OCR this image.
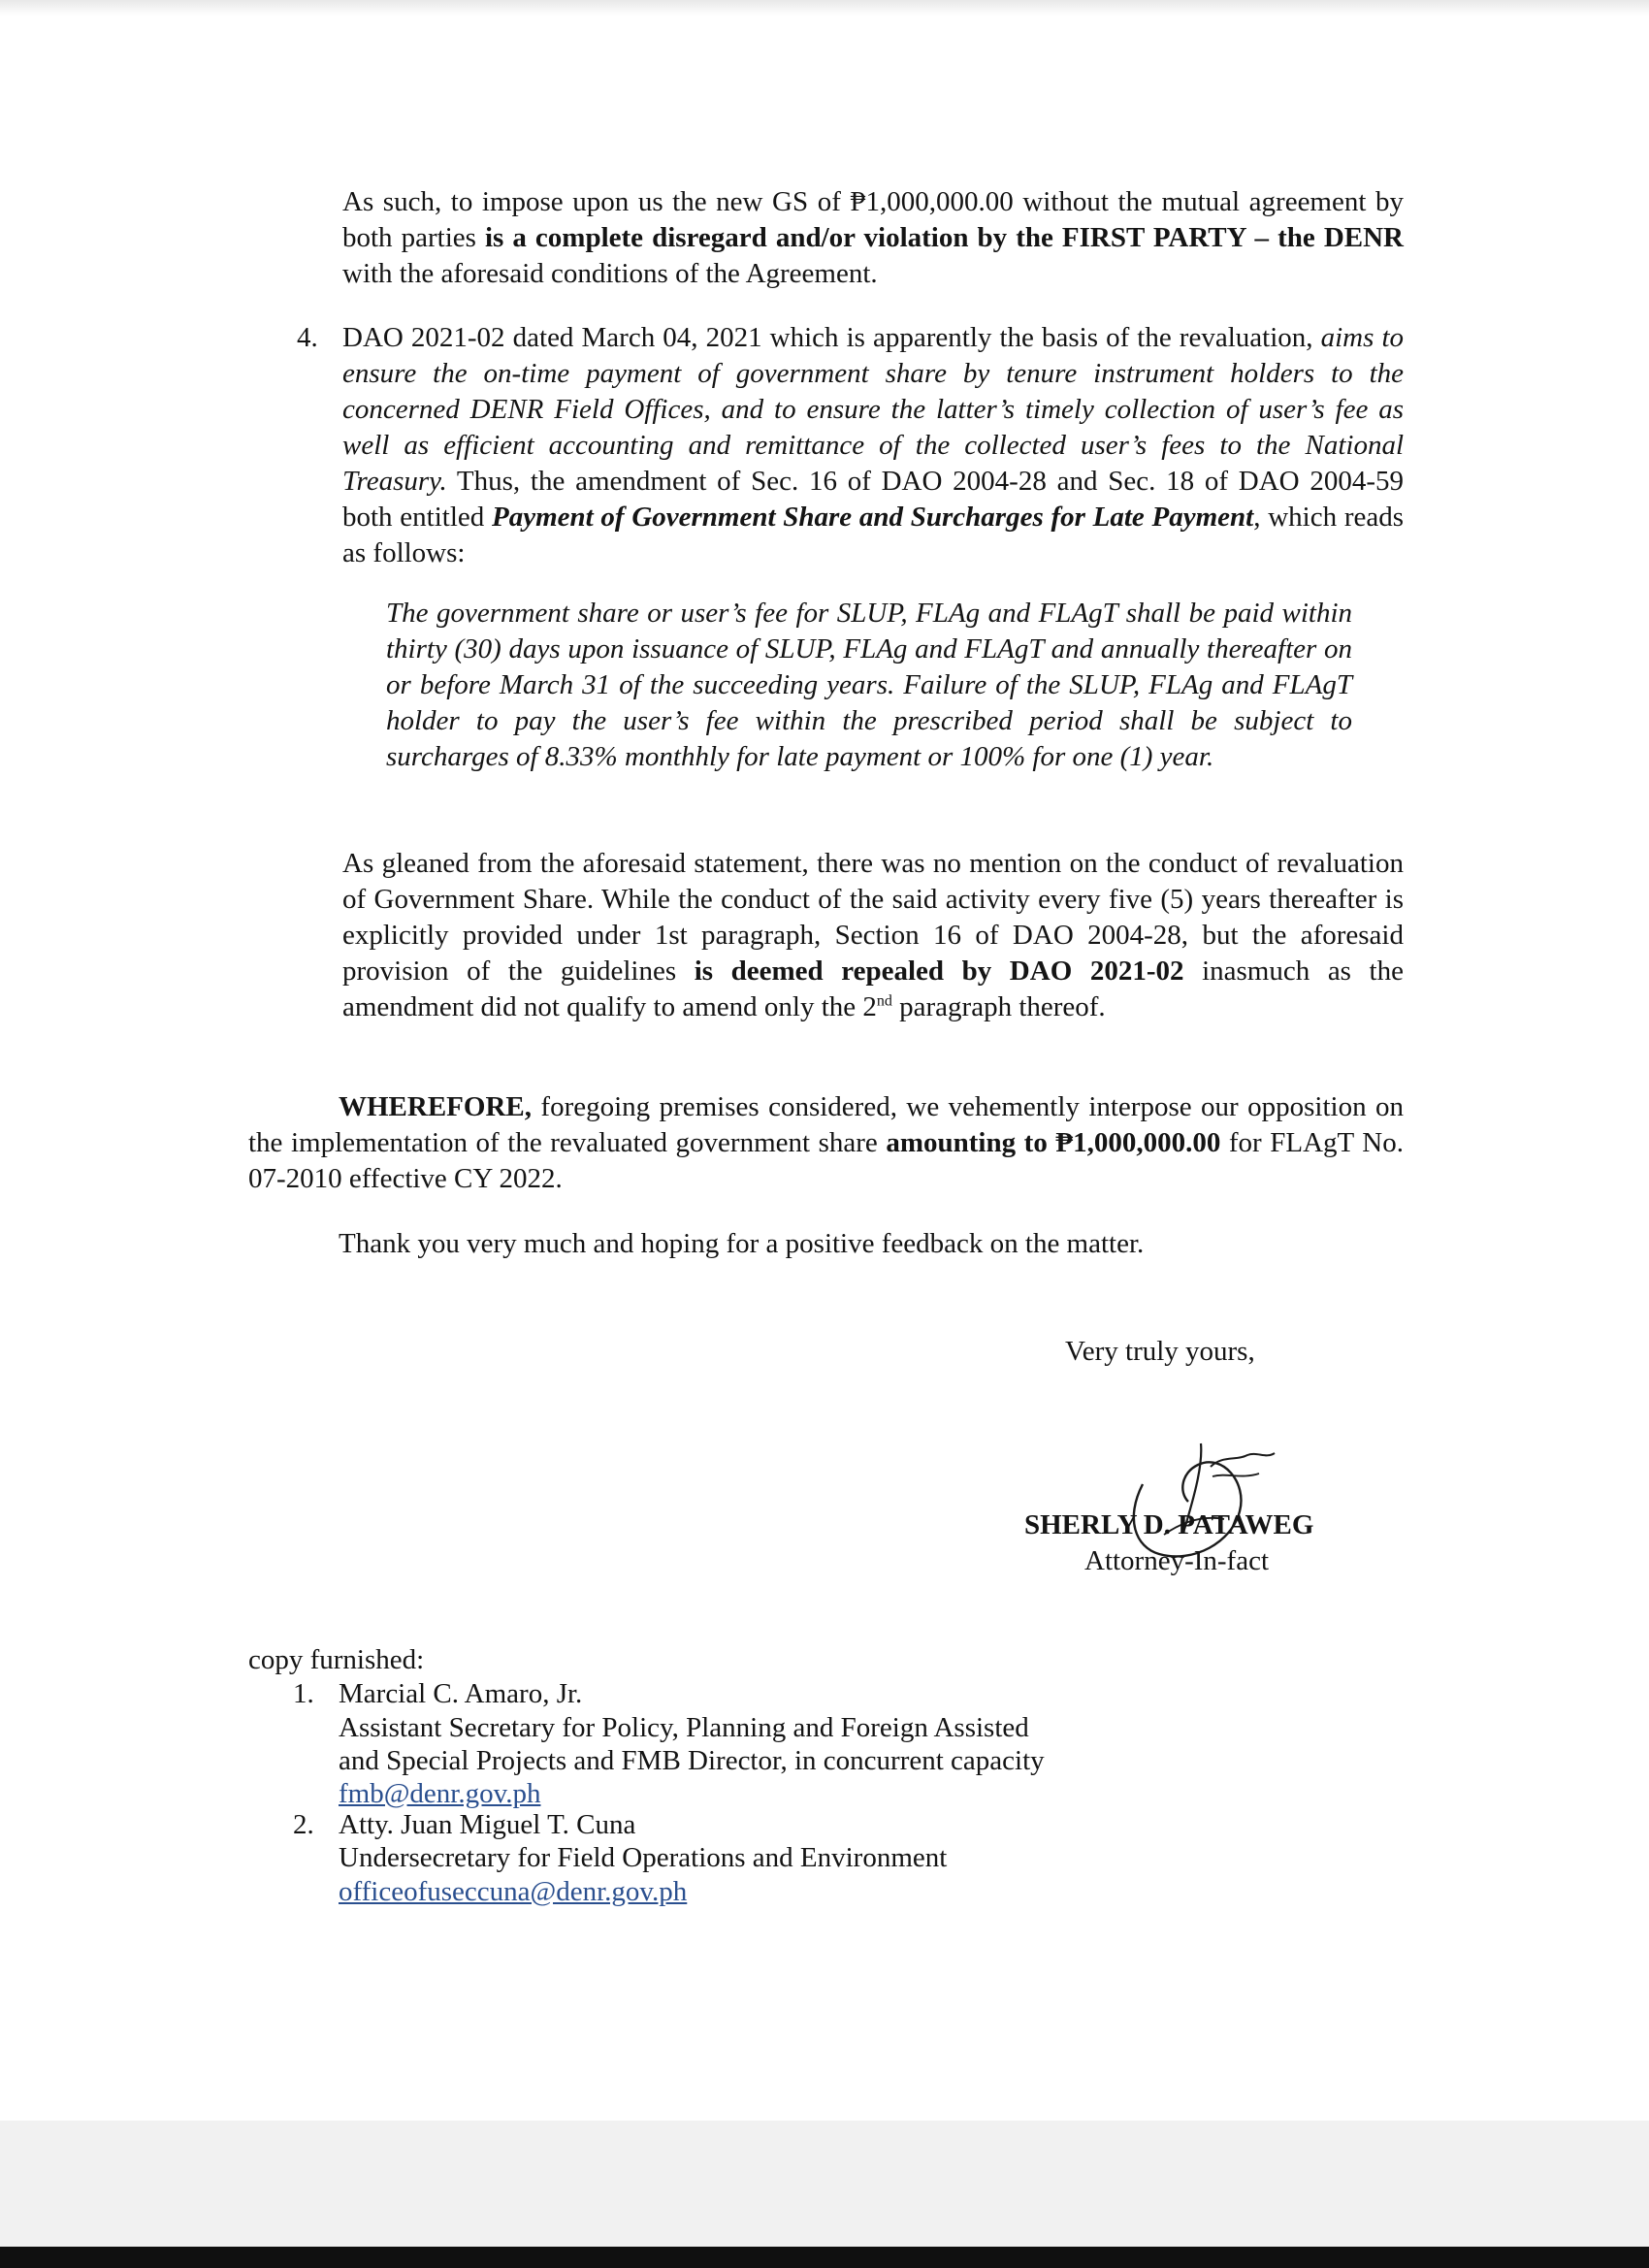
As such, to impose upon us the new GS of ₱1,000,000.00 without the mutual agreement by both parties is a complete disregard and/or violation by the FIRST PARTY – the DENR with the aforesaid conditions of the Agreement.
4. DAO 2021-02 dated March 04, 2021 which is apparently the basis of the revaluation, aims to ensure the on-time payment of government share by tenure instrument holders to the concerned DENR Field Offices, and to ensure the latter’s timely collection of user’s fee as well as efficient accounting and remittance of the collected user’s fees to the National Treasury. Thus, the amendment of Sec. 16 of DAO 2004-28 and Sec. 18 of DAO 2004-59 both entitled Payment of Government Share and Surcharges for Late Payment, which reads as follows:
The government share or user’s fee for SLUP, FLAg and FLAgT shall be paid within thirty (30) days upon issuance of SLUP, FLAg and FLAgT and annually thereafter on or before March 31 of the succeeding years. Failure of the SLUP, FLAg and FLAgT holder to pay the user’s fee within the prescribed period shall be subject to surcharges of 8.33% monthhly for late payment or 100% for one (1) year.
As gleaned from the aforesaid statement, there was no mention on the conduct of revaluation of Government Share. While the conduct of the said activity every five (5) years thereafter is explicitly provided under 1st paragraph, Section 16 of DAO 2004-28, but the aforesaid provision of the guidelines is deemed repealed by DAO 2021-02 inasmuch as the amendment did not qualify to amend only the 2nd paragraph thereof.
WHEREFORE, foregoing premises considered, we vehemently interpose our opposition on the implementation of the revaluated government share amounting to ₱1,000,000.00 for FLAgT No. 07-2010 effective CY 2022.
Thank you very much and hoping for a positive feedback on the matter.
Very truly yours,
SHERLY D. PATAWEG
Attorney-In-fact
copy furnished:
1. Marcial C. Amaro, Jr.
Assistant Secretary for Policy, Planning and Foreign Assisted
and Special Projects and FMB Director, in concurrent capacity
fmb@denr.gov.ph
2. Atty. Juan Miguel T. Cuna
Undersecretary for Field Operations and Environment
officeofuseccuna@denr.gov.ph
